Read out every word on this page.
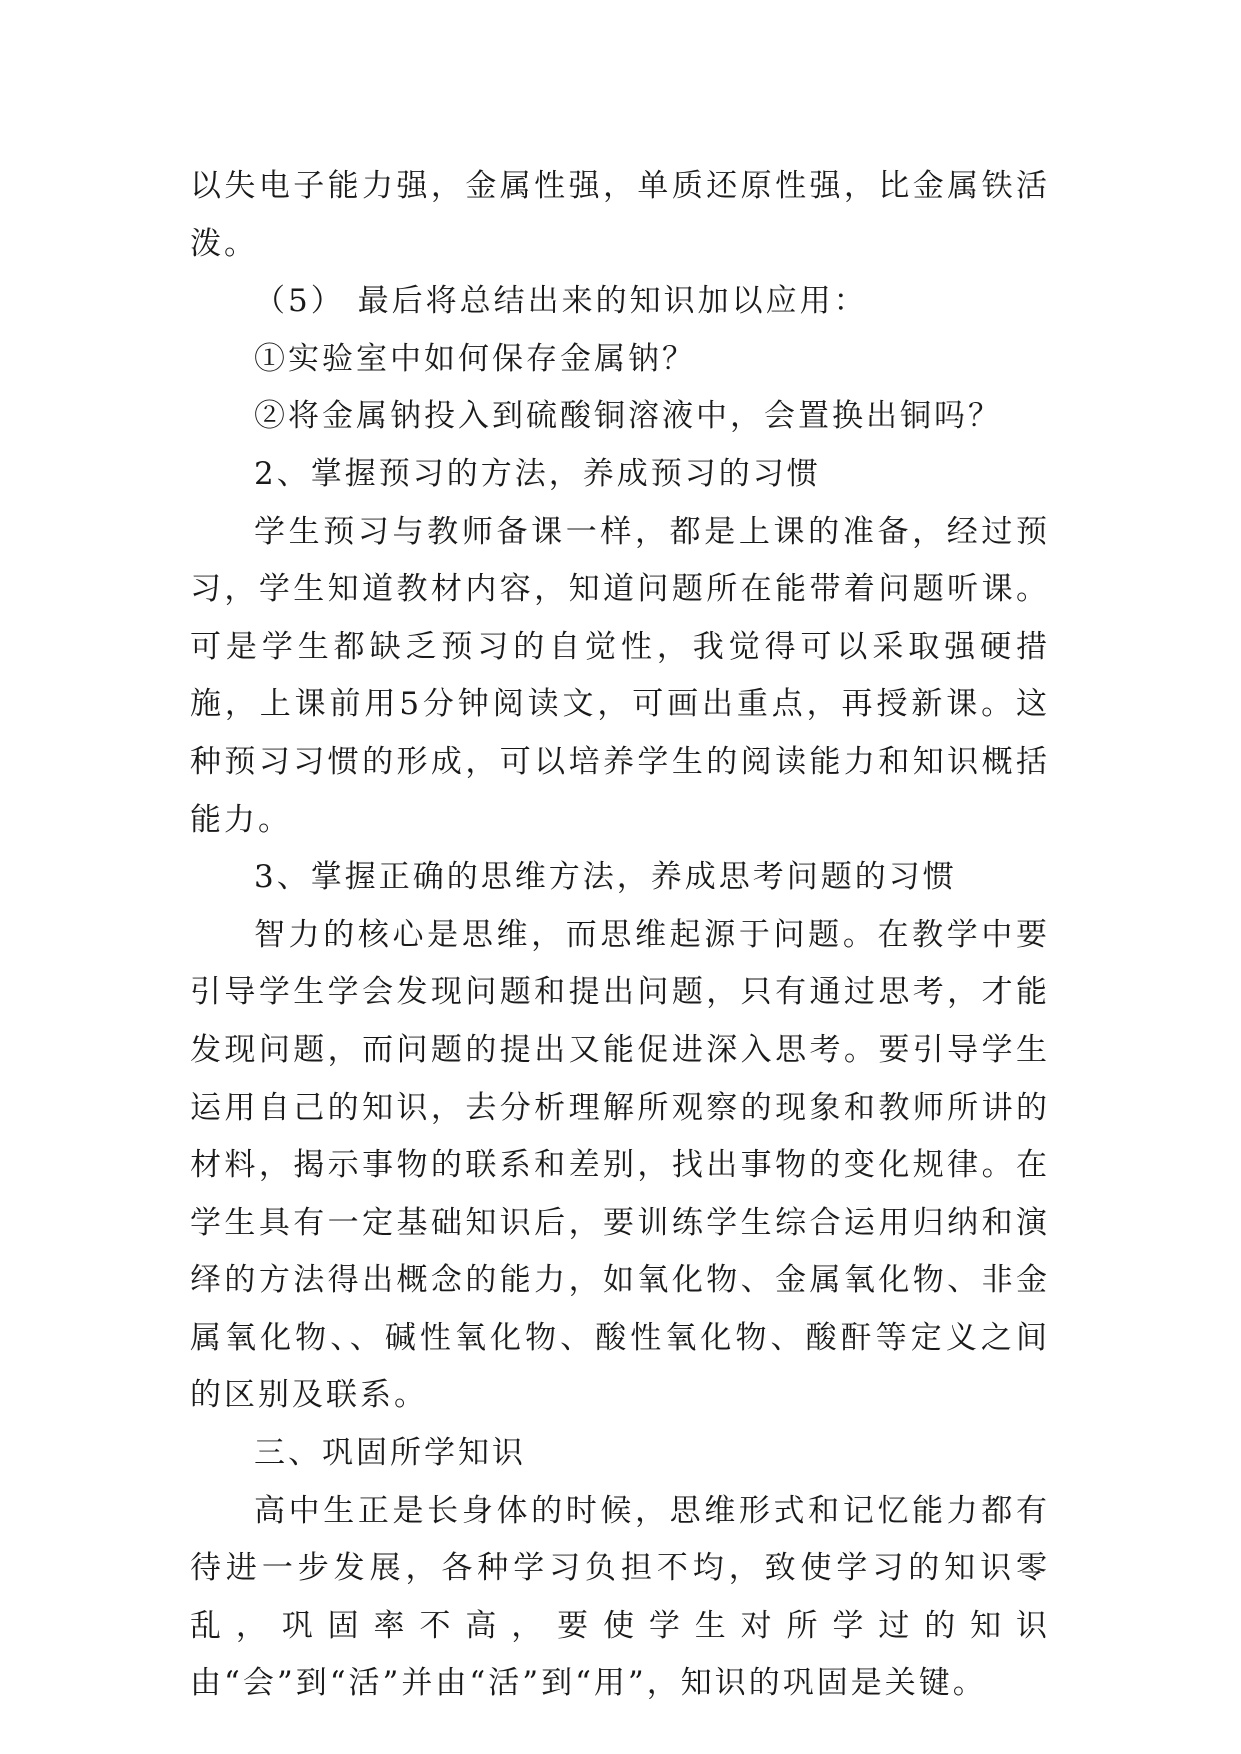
以失电子能力强，金属性强，单质还原性强，比金属铁活泼。

（5） 最后将总结出来的知识加以应用：

①实验室中如何保存金属钠？

②将金属钠投入到硫酸铜溶液中，会置换出铜吗？

2、掌握预习的方法，养成预习的习惯

学生预习与教师备课一样，都是上课的准备，经过预习，学生知道教材内容，知道问题所在能带着问题听课。可是学生都缺乏预习的自觉性，我觉得可以采取强硬措施，上课前用5分钟阅读文，可画出重点，再授新课。这种预习习惯的形成，可以培养学生的阅读能力和知识概括能力。

3、掌握正确的思维方法，养成思考问题的习惯

智力的核心是思维，而思维起源于问题。在教学中要引导学生学会发现问题和提出问题，只有通过思考，才能发现问题，而问题的提出又能促进深入思考。要引导学生运用自己的知识，去分析理解所观察的现象和教师所讲的材料，揭示事物的联系和差别，找出事物的变化规律。在学生具有一定基础知识后，要训练学生综合运用归纳和演绎的方法得出概念的能力，如氧化物、金属氧化物、非金属氧化物、、碱性氧化物、酸性氧化物、酸酐等定义之间的区别及联系。

三、巩固所学知识

高中生正是长身体的时候，思维形式和记忆能力都有待进一步发展，各种学习负担不均，致使学习的知识零乱，巩固率不高，要使学生对所学过的知识由“会”到“活”并由“活”到“用”，知识的巩固是关键。
